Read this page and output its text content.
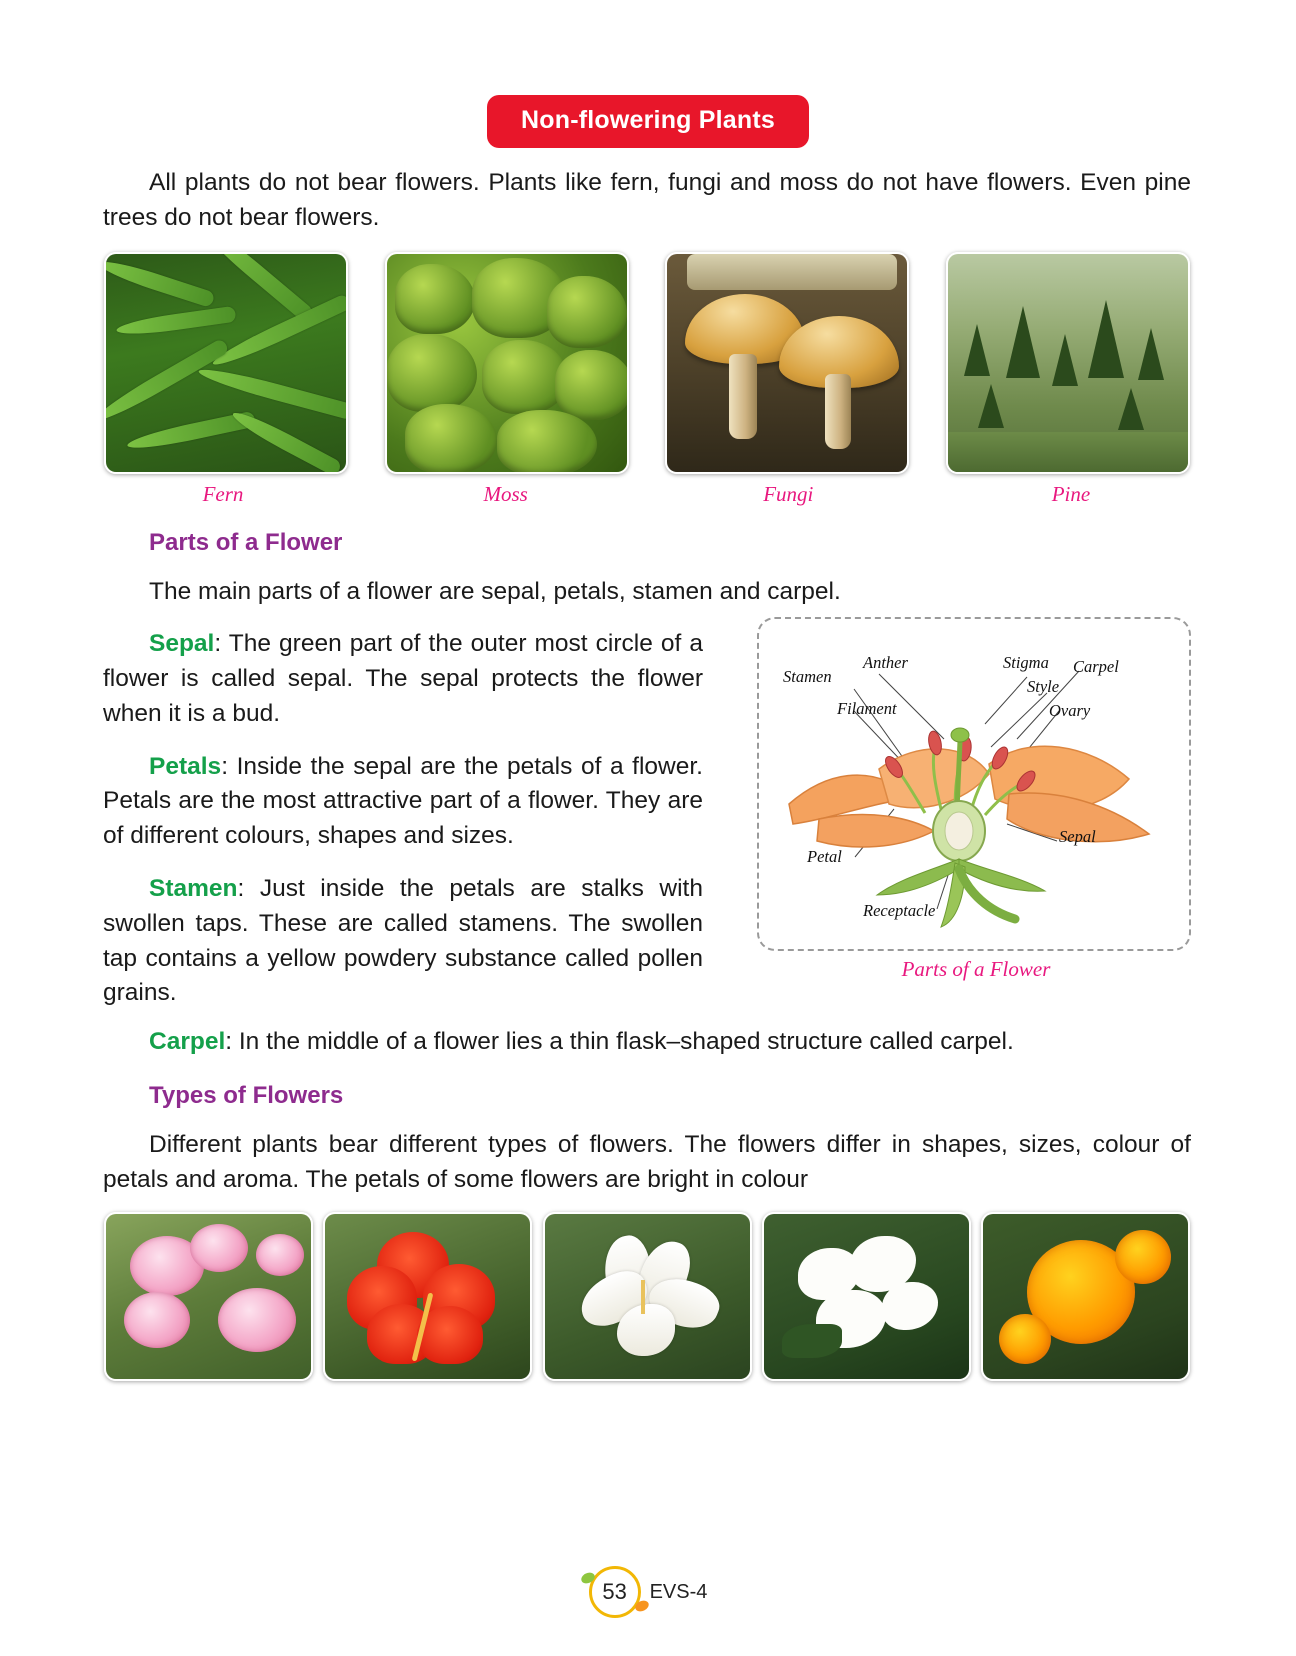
Non-flowering Plants

All plants do not bear flowers. Plants like fern, fungi and moss do not have flowers. Even pine trees do not bear flowers.

Fern	Moss	Fungi	Pine
Parts of a Flower

The main parts of a flower are sepal, petals, stamen and carpel.

Sepal: The green part of the outer most circle of a flower is called sepal. The sepal protects the flower when it is a bud.

Petals: Inside the sepal are the petals of a flower. Petals are the most attractive part of a flower. They are of different colours, shapes and sizes.

Stamen: Just inside the petals are stalks with swollen taps. These are called stamens. The swollen tap contains a yellow powdery substance called pollen grains.

Stamen
Anther
Filament
Stigma Carpel
Style
Ovary
Sepal
Petal
Receptacle
Parts of a Flower

Carpel: In the middle of a flower lies a thin flask–shaped structure called carpel.

Types of Flowers

Different plants bear different types of flowers. The flowers differ in shapes, sizes, colour of petals and aroma. The petals of some flowers are bright in colour

53	EVS-4
